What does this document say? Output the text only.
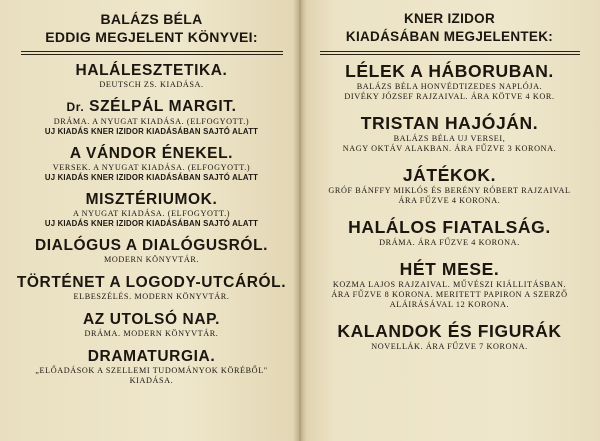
BALÁZS BÉLA
EDDIG MEGJELENT KÖNYVEI:
HALÁLESZTETIKA.
DEUTSCH ZS. KIADÁSA.
Dr. SZÉLPÁL MARGIT.
DRÁMA. A NYUGAT KIADÁSA. (ELFOGYOTT.)
UJ KIADÁS KNER IZIDOR KIADÁSÁBAN SAJTÓ ALATT
A VÁNDOR ÉNEKEL.
VERSEK. A NYUGAT KIADÁSA. (ELFOGYOTT.)
UJ KIADÁS KNER IZIDOR KIADÁSÁBAN SAJTÓ ALATT
MISZTÉRIUMOK.
A NYUGAT KIADÁSA. (ELFOGYOTT.)
UJ KIADÁS KNER IZIDOR KIADÁSÁBAN SAJTÓ ALATT
DIALÓGUS A DIALÓGUSRÓL.
MODERN KÖNYVTÁR.
TÖRTÉNET A LOGODY-UTCÁRÓL.
ELBESZÉLÉS. MODERN KÖNYVTÁR.
AZ UTOLSÓ NAP.
DRÁMA. MODERN KÖNYVTÁR.
DRAMATURGIA.
„ELŐADÁSOK A SZELLEMI TUDOMÁNYOK KÖRÉBŐL"
KIADÁSA.
KNER IZIDOR
KIADÁSÁBAN MEGJELENTEK:
LÉLEK A HÁBORUBAN.
BALÁZS BÉLA HONVÉDTIZEDES NAPLÓJA.
DIVÉKY JÓZSEF RAJZAIVAL. ÁRA KÖTVE 4 KOR.
TRISTAN HAJÓJÁN.
BALÁZS BÉLA UJ VERSEI,
NAGY OKTÁV ALAKBAN. ÁRA FŰZVE 3 KORONA.
JÁTÉKOK.
GRÓF BÁNFFY MIKLÓS ÉS BERÉNY RÓBERT RAJZAIVAL
ÁRA FŰZVE 4 KORONA.
HALÁLOS FIATALSÁG.
DRÁMA. ÁRA FŰZVE 4 KORONA.
HÉT MESE.
KOZMA LAJOS RAJZAIVAL. MŰVÉSZI KIÁLLITÁSBAN.
ÁRA FŰZVE 8 KORONA. MERITETT PAPIRON A SZERZŐ
ALÁIRÁSÁVAL 12 KORONA.
KALANDOK ÉS FIGURÁK
NOVELLÁK. ÁRA FŰZVE 7 KORONA.
